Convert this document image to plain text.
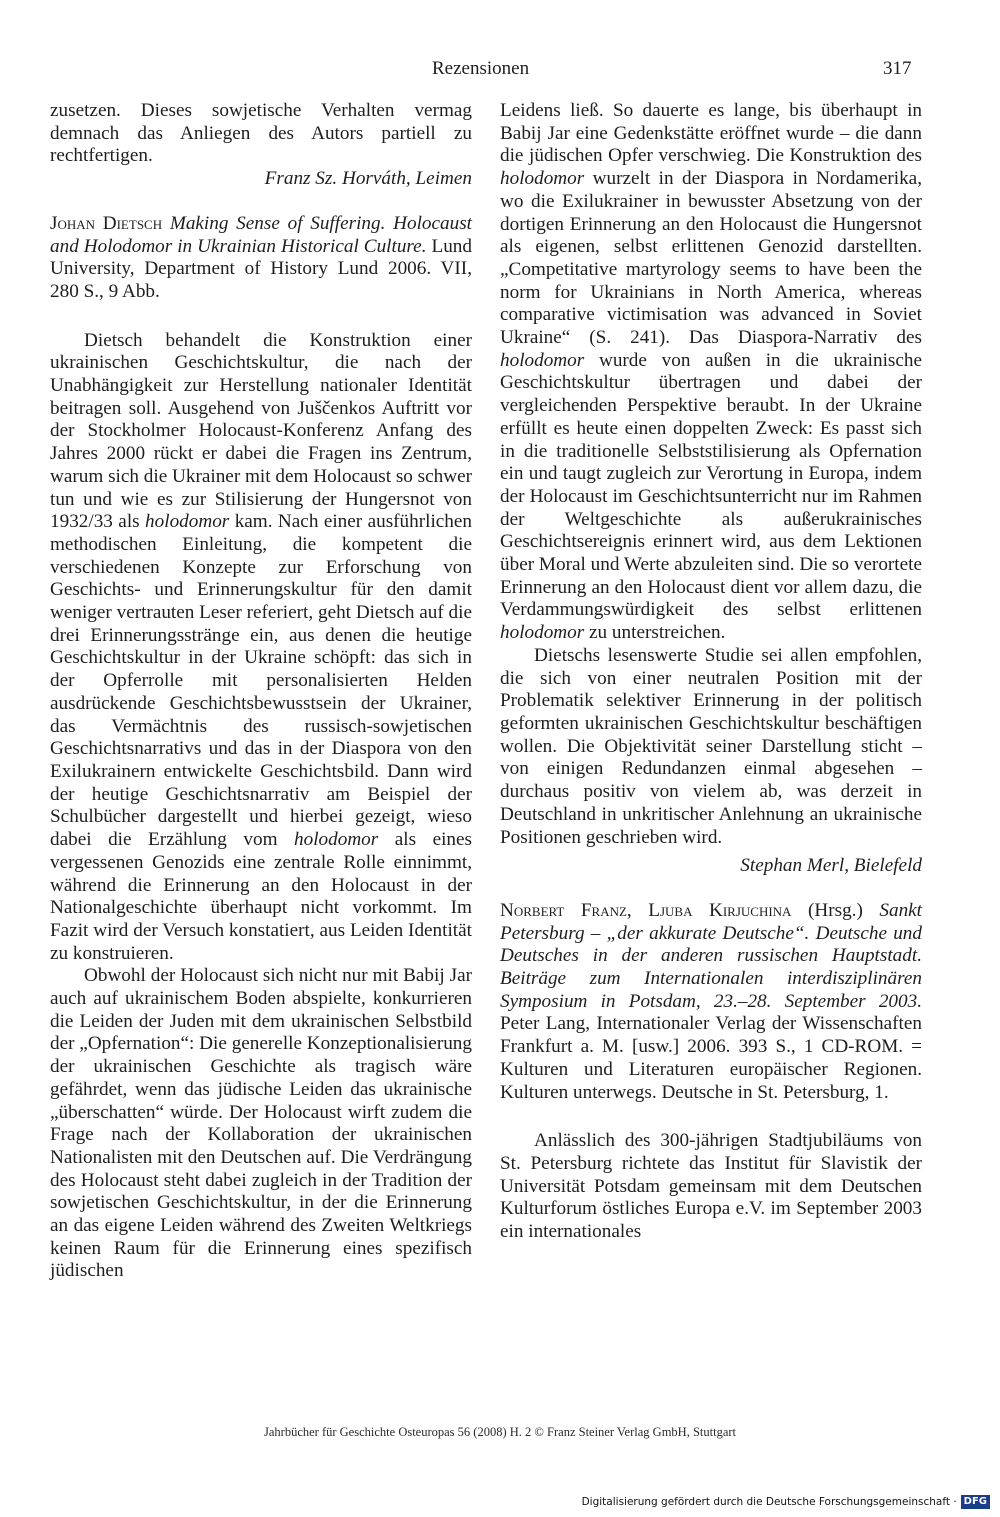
Rezensionen	317

zusetzen. Dieses sowjetische Verhalten vermag demnach das Anliegen des Autors partiell zu rechtfertigen.

Franz Sz. Horváth, Leimen

Johan Dietsch Making Sense of Suffering. Holocaust and Holodomor in Ukrainian Historical Culture. Lund University, Department of History Lund 2006. VII, 280 S., 9 Abb.

Dietsch behandelt die Konstruktion einer ukrainischen Geschichtskultur, die nach der Unabhängigkeit zur Herstellung nationaler Identität beitragen soll. Ausgehend von Juščenkos Auftritt vor der Stockholmer Holocaust-Konferenz Anfang des Jahres 2000 rückt er dabei die Fragen ins Zentrum, warum sich die Ukrainer mit dem Holocaust so schwer tun und wie es zur Stilisierung der Hungersnot von 1932/33 als holodomor kam. Nach einer ausführlichen methodischen Einleitung, die kompetent die verschiedenen Konzepte zur Erforschung von Geschichts- und Erinnerungskultur für den damit weniger vertrauten Leser referiert, geht Dietsch auf die drei Erinnerungsstränge ein, aus denen die heutige Geschichtskultur in der Ukraine schöpft: das sich in der Opferrolle mit personalisierten Helden ausdrückende Geschichtsbewusstsein der Ukrainer, das Vermächtnis des russisch-sowjetischen Geschichtsnarrativs und das in der Diaspora von den Exilukrainern entwickelte Geschichtsbild. Dann wird der heutige Geschichtsnarrativ am Beispiel der Schulbücher dargestellt und hierbei gezeigt, wieso dabei die Erzählung vom holodomor als eines vergessenen Genozids eine zentrale Rolle einnimmt, während die Erinnerung an den Holocaust in der Nationalgeschichte überhaupt nicht vorkommt. Im Fazit wird der Versuch konstatiert, aus Leiden Identität zu konstruieren.

Obwohl der Holocaust sich nicht nur mit Babij Jar auch auf ukrainischem Boden abspielte, konkurrieren die Leiden der Juden mit dem ukrainischen Selbstbild der „Opfernation“: Die generelle Konzeptionalisierung der ukrainischen Geschichte als tragisch wäre gefährdet, wenn das jüdische Leiden das ukrainische „überschatten“ würde. Der Holocaust wirft zudem die Frage nach der Kollaboration der ukrainischen Nationalisten mit den Deutschen auf. Die Verdrängung des Holocaust steht dabei zugleich in der Tradition der sowjetischen Geschichtskultur, in der die Erinnerung an das eigene Leiden während des Zweiten Weltkriegs keinen Raum für die Erinnerung eines spezifisch jüdischen

Leidens ließ. So dauerte es lange, bis überhaupt in Babij Jar eine Gedenkstätte eröffnet wurde – die dann die jüdischen Opfer verschwieg. Die Konstruktion des holodomor wurzelt in der Diaspora in Nordamerika, wo die Exilukrainer in bewusster Absetzung von der dortigen Erinnerung an den Holocaust die Hungersnot als eigenen, selbst erlittenen Genozid darstellten. „Competitative martyrology seems to have been the norm for Ukrainians in North America, whereas comparative victimisation was advanced in Soviet Ukraine“ (S. 241). Das Diaspora-Narrativ des holodomor wurde von außen in die ukrainische Geschichtskultur übertragen und dabei der vergleichenden Perspektive beraubt. In der Ukraine erfüllt es heute einen doppelten Zweck: Es passt sich in die traditionelle Selbststilisierung als Opfernation ein und taugt zugleich zur Verortung in Europa, indem der Holocaust im Geschichtsunterricht nur im Rahmen der Weltgeschichte als außerukrainisches Geschichtsereignis erinnert wird, aus dem Lektionen über Moral und Werte abzuleiten sind. Die so verortete Erinnerung an den Holocaust dient vor allem dazu, die Verdammungswürdigkeit des selbst erlittenen holodomor zu unterstreichen.

Dietschs lesenswerte Studie sei allen empfohlen, die sich von einer neutralen Position mit der Problematik selektiver Erinnerung in der politisch geformten ukrainischen Geschichtskultur beschäftigen wollen. Die Objektivität seiner Darstellung sticht – von einigen Redundanzen einmal abgesehen – durchaus positiv von vielem ab, was derzeit in Deutschland in unkritischer Anlehnung an ukrainische Positionen geschrieben wird.

Stephan Merl, Bielefeld

Norbert Franz, Ljuba Kirjuchina (Hrsg.) Sankt Petersburg – „der akkurate Deutsche“. Deutsche und Deutsches in der anderen russischen Hauptstadt. Beiträge zum Internationalen interdisziplinären Symposium in Potsdam, 23.–28. September 2003. Peter Lang, Internationaler Verlag der Wissenschaften Frankfurt a. M. [usw.] 2006. 393 S., 1 CD-ROM. = Kulturen und Literaturen europäischer Regionen. Kulturen unterwegs. Deutsche in St. Petersburg, 1.

Anlässlich des 300-jährigen Stadtjubiläums von St. Petersburg richtete das Institut für Slavistik der Universität Potsdam gemeinsam mit dem Deutschen Kulturforum östliches Europa e.V. im September 2003 ein internationales

Jahrbücher für Geschichte Osteuropas 56 (2008) H. 2 © Franz Steiner Verlag GmbH, Stuttgart
Digitalisierung gefördert durch die Deutsche Forschungsgemeinschaft · DFG
